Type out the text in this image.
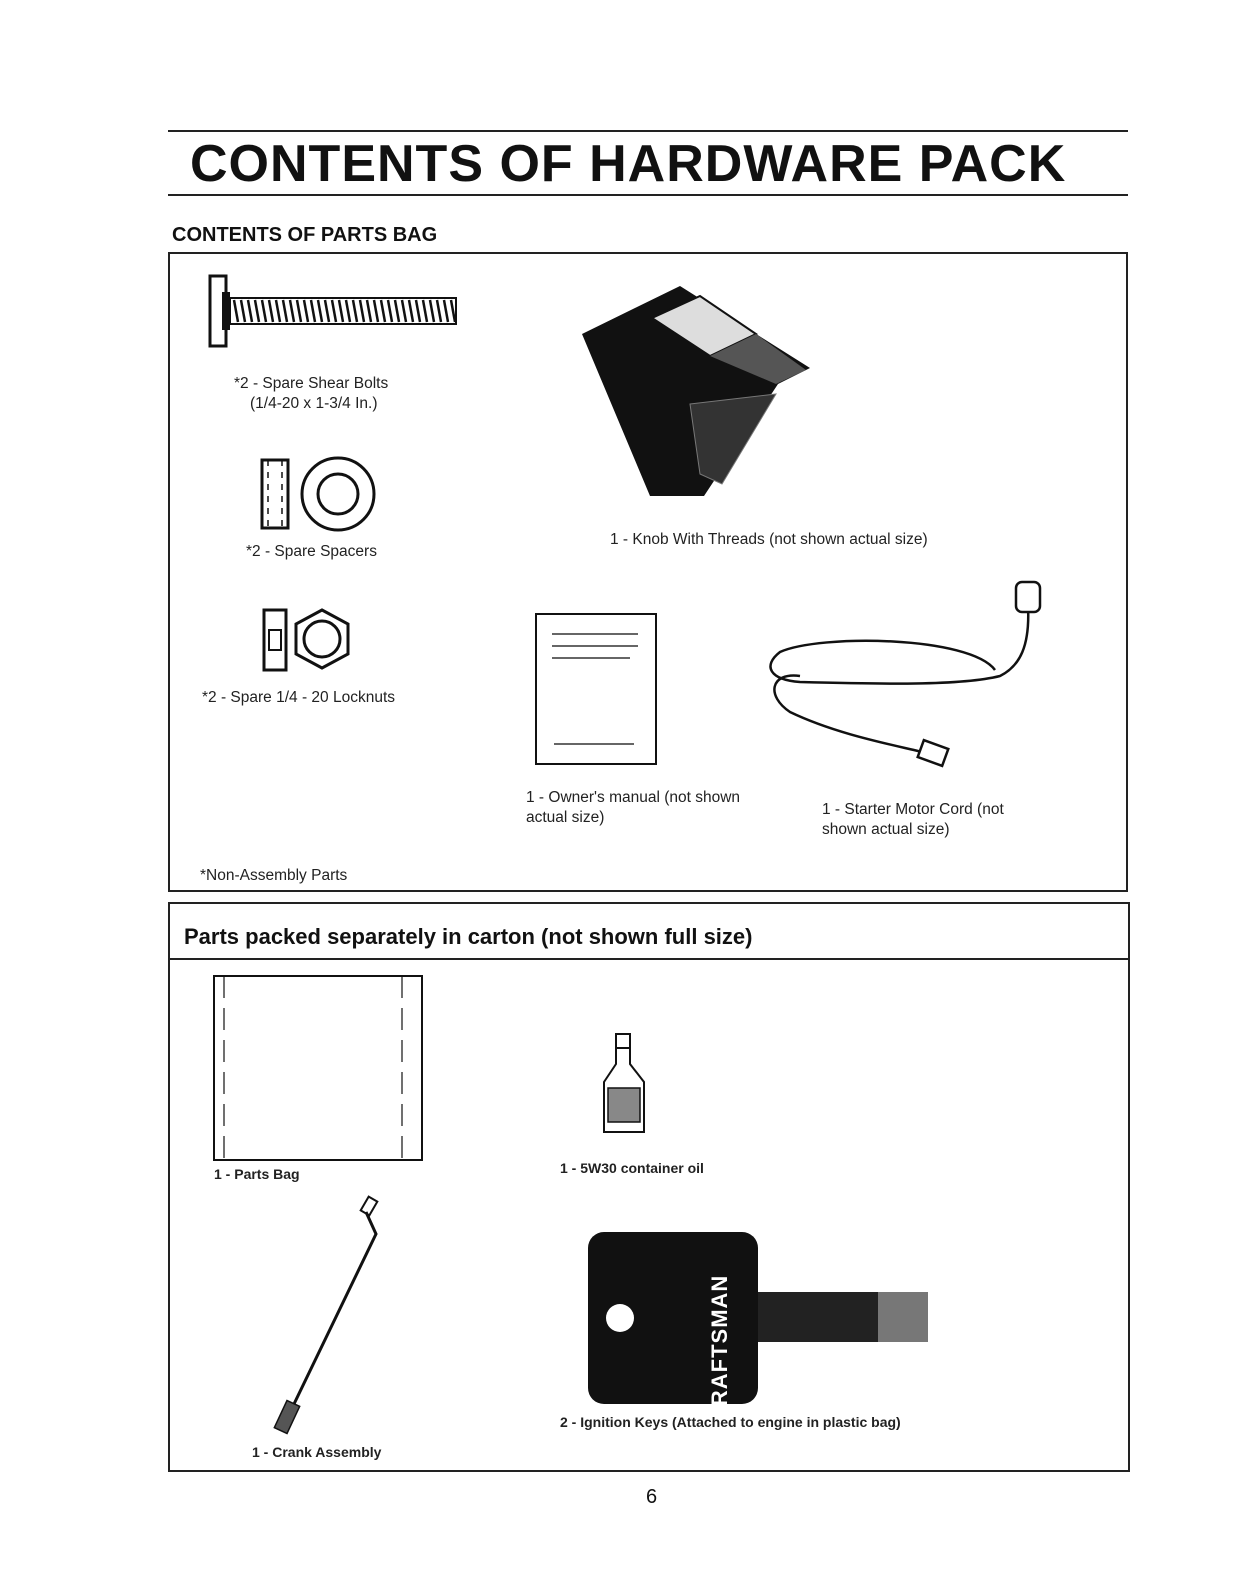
CONTENTS OF HARDWARE PACK
CONTENTS OF PARTS BAG
*2 - Spare Shear Bolts
(1/4-20 x 1-3/4 In.)
*2 - Spare Spacers
*2 - Spare 1/4 - 20 Locknuts
1 - Knob With Threads (not shown actual size)
1 - Owner's manual (not shown
actual size)	1 - Starter Motor Cord (not
shown actual size)
*Non-Assembly Parts
Parts packed separately in carton (not shown full size)
1 - Parts Bag	1 - 5W30 container oil
1 - Crank Assembly
CRAFTSMAN
2 - Ignition Keys (Attached to engine in plastic bag)
6
